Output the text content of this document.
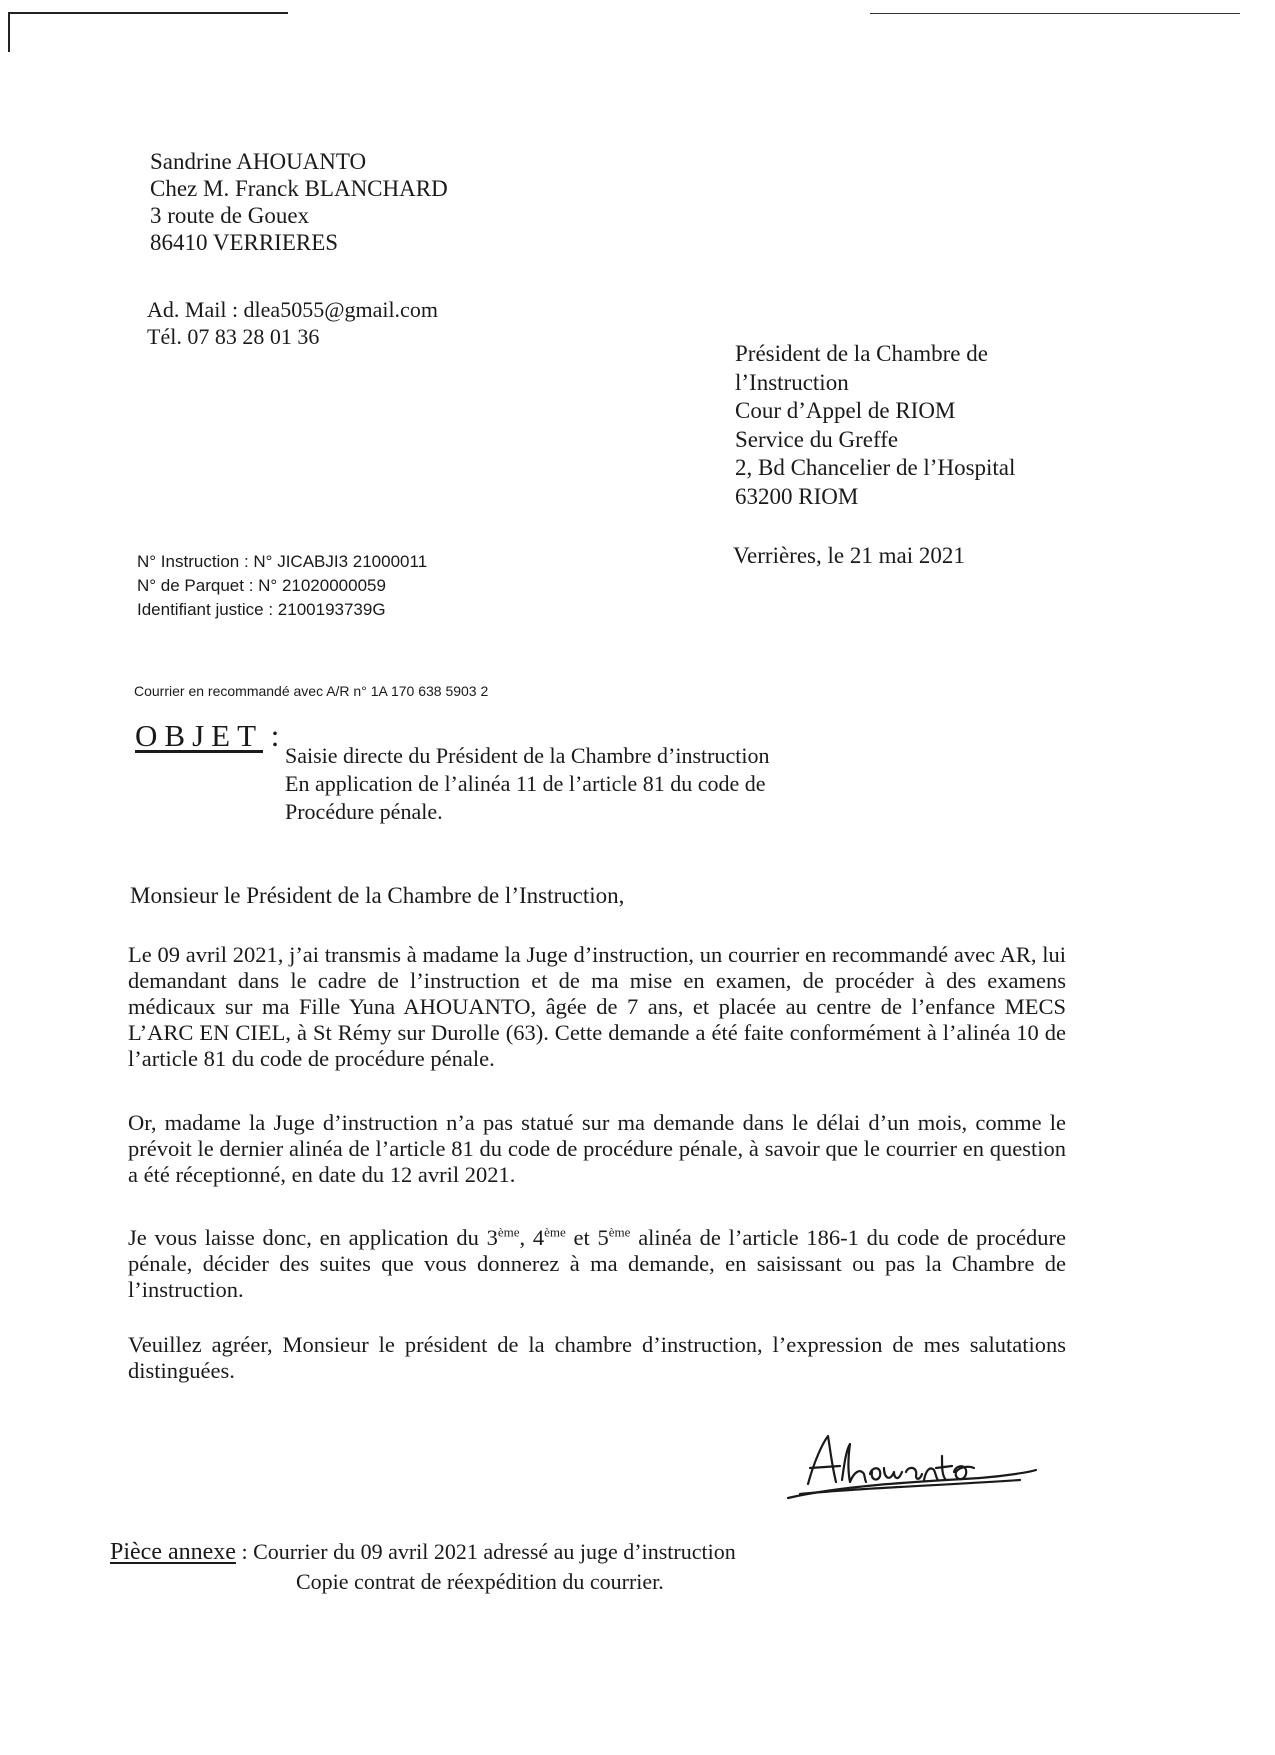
Sandrine AHOUANTO
Chez M. Franck BLANCHARD
3 route de Gouex
86410 VERRIERES
Ad. Mail : dlea5055@gmail.com
Tél. 07 83 28 01 36
Président de la Chambre de
l’Instruction
Cour d’Appel de RIOM
Service du Greffe
2, Bd Chancelier de l’Hospital
63200 RIOM
Verrières, le 21 mai 2021
N° Instruction : N° JICABJI3 21000011
N° de Parquet : N° 21020000059
Identifiant justice : 2100193739G
Courrier en recommandé avec A/R n° 1A 170 638 5903 2
OBJET :
Saisie directe du Président de la Chambre d’instruction
En application de l’alinéa 11 de l’article 81 du code de
Procédure pénale.
Monsieur le Président de la Chambre de l’Instruction,

Le 09 avril 2021, j’ai transmis à madame la Juge d’instruction, un courrier en recommandé avec AR, lui demandant dans le cadre de l’instruction et de ma mise en examen, de procéder à des examens médicaux sur ma Fille Yuna AHOUANTO, âgée de 7 ans, et placée au centre de l’enfance MECS L’ARC EN CIEL, à St Rémy sur Durolle (63). Cette demande a été faite conformément à l’alinéa 10 de l’article 81 du code de procédure pénale.

Or, madame la Juge d’instruction n’a pas statué sur ma demande dans le délai d’un mois, comme le prévoit le dernier alinéa de l’article 81 du code de procédure pénale, à savoir que le courrier en question a été réceptionné, en date du 12 avril 2021.

Je vous laisse donc, en application du 3ème, 4ème et 5ème alinéa de l’article 186-1 du code de procédure pénale, décider des suites que vous donnerez à ma demande, en saisissant ou pas la Chambre de l’instruction.

Veuillez agréer, Monsieur le président de la chambre d’instruction, l’expression de mes salutations distinguées.

Pièce annexe : Courrier du 09 avril 2021 adressé au juge d’instruction
Copie contrat de réexpédition du courrier.
